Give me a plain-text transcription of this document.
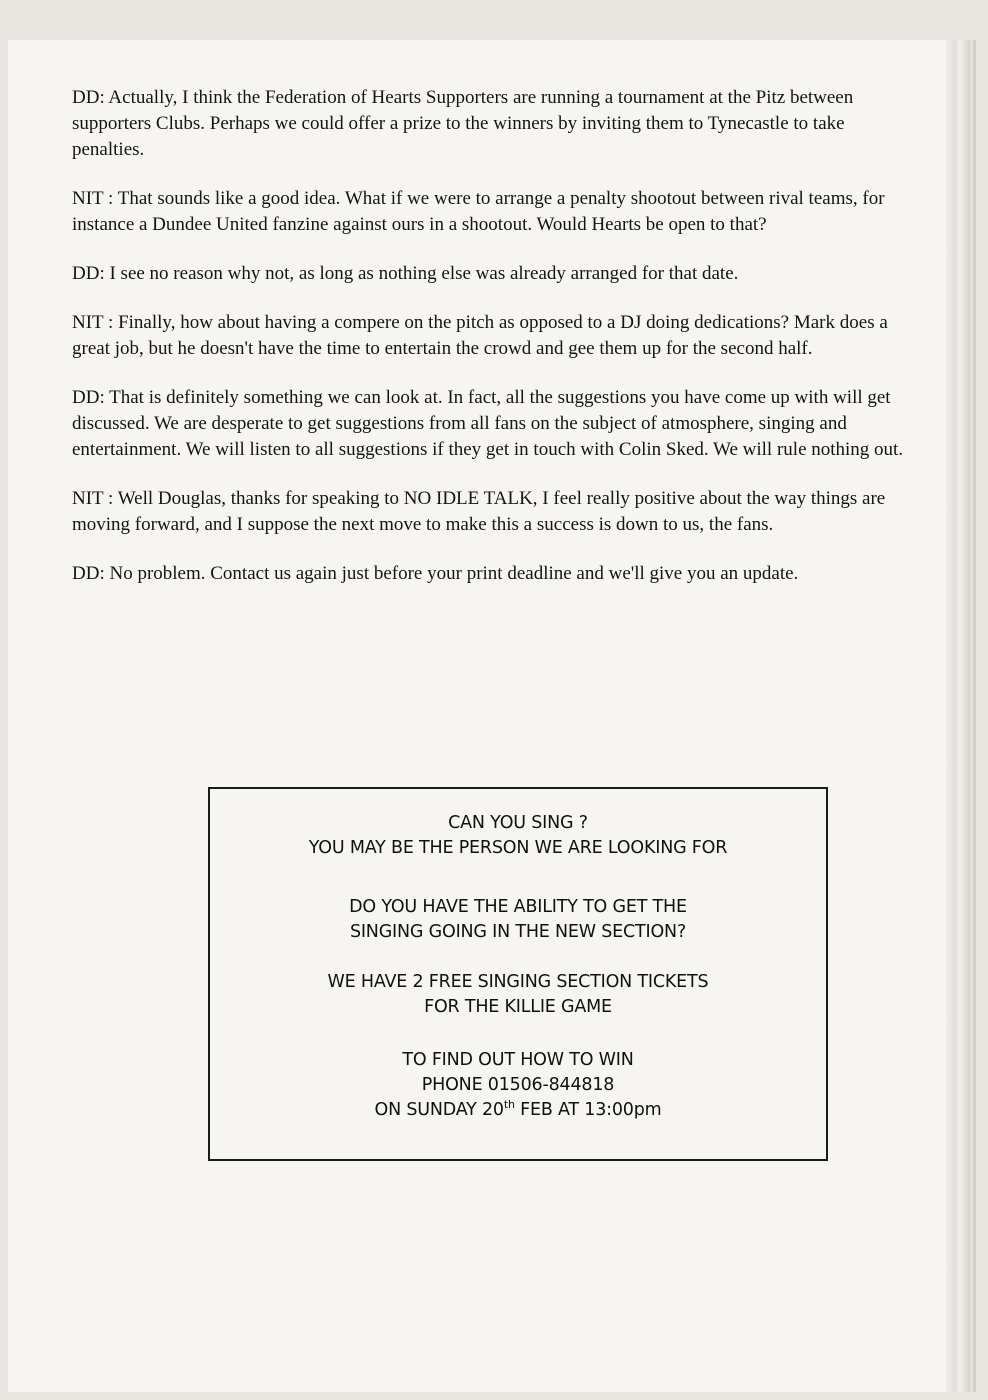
DD: Actually, I think the Federation of Hearts Supporters are running a tournament at the Pitz between supporters Clubs. Perhaps we could offer a prize to the winners by inviting them to Tynecastle to take penalties.

NIT : That sounds like a good idea. What if we were to arrange a penalty shootout between rival teams, for instance a Dundee United fanzine against ours in a shootout. Would Hearts be open to that?

DD: I see no reason why not, as long as nothing else was already arranged for that date.

NIT : Finally, how about having a compere on the pitch as opposed to a DJ doing dedications? Mark does a great job, but he doesn't have the time to entertain the crowd and gee them up for the second half.

DD: That is definitely something we can look at. In fact, all the suggestions you have come up with will get discussed. We are desperate to get suggestions from all fans on the subject of atmosphere, singing and entertainment. We will listen to all suggestions if they get in touch with Colin Sked. We will rule nothing out.

NIT : Well Douglas, thanks for speaking to NO IDLE TALK, I feel really positive about the way things are moving forward, and I suppose the next move to make this a success is down to us, the fans.

DD: No problem. Contact us again just before your print deadline and we'll give you an update.

CAN YOU SING ?
YOU MAY BE THE PERSON WE ARE LOOKING FOR
DO YOU HAVE THE ABILITY TO GET THE
SINGING GOING IN THE NEW SECTION?
WE HAVE 2 FREE SINGING SECTION TICKETS
FOR THE KILLIE GAME
TO FIND OUT HOW TO WIN
PHONE 01506-844818
ON SUNDAY 20th FEB AT 13:00pm
